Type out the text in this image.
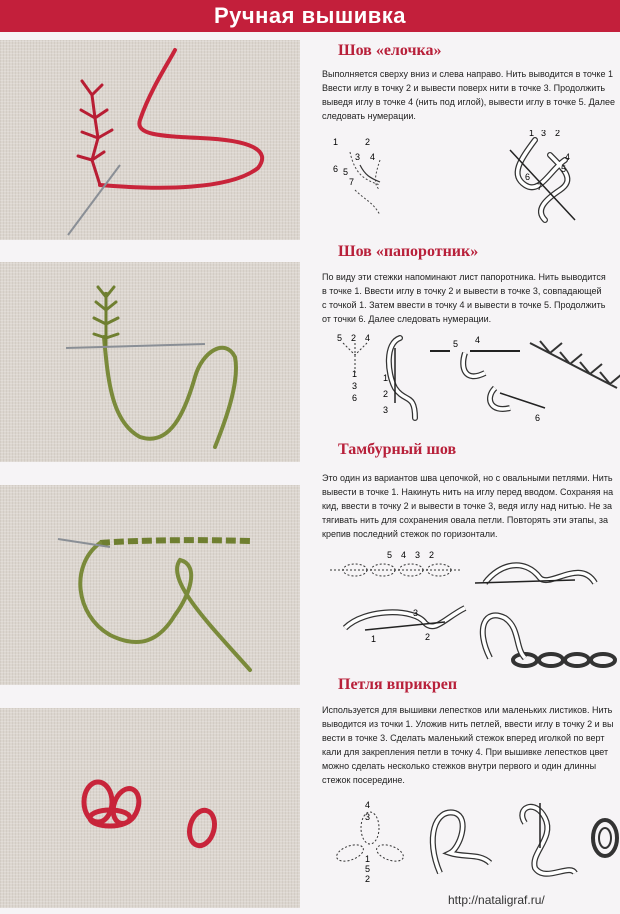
Ручная вышивка
Шов «елочка»
Выполняется сверху вниз и слева направо. Нить выводится в точке 1
Ввести иглу в точку 2 и вывести поверх нити в точке 3. Продолжить
выведя иглу в точке 4 (нить под иглой), вывести иглу в точке 5. Далее
следовать нумерации.
1	2
3 4
5
6
7
1 3 2
4
5
6
7
Шов «папоротник»
По виду эти стежки напоминают лист папоротника. Нить выводится
в точке 1. Ввести иглу в точку 2 и вывести в точке 3, совпадающей
с точкой 1. Затем ввести в точку 4 и вывести в точке 5. Продолжить
от точки 6. Далее следовать нумерации.
5 2 4
1
3
6
1
2
3
5 4
6
Тамбурный шов
Это один из вариантов шва цепочкой, но с овальными петлями. Нить
вывести в точке 1. Накинуть нить на иглу перед вводом. Сохраняя на
кид, ввести в точку 2 и вывести в точке 3, ведя иглу над нитью. Не за
тягивать нить для сохранения овала петли. Повторять эти этапы, за
крепив последний стежок по горизонтали.
5 4 3 2
1
3
2
Петля вприкреп
Используется для вышивки лепестков или маленьких листиков. Нить
выводится из точки 1. Уложив нить петлей, ввести иглу в точку 2 и вы
вести в точке 3. Сделать маленький стежок вперед иголкой по верт
кали для закрепления петли в точку 4. При вышивке лепестков цвет
можно сделать несколько стежков внутри первого и один длинны
стежок посередине.
4
3
1
5
2
http://nataligraf.ru/
